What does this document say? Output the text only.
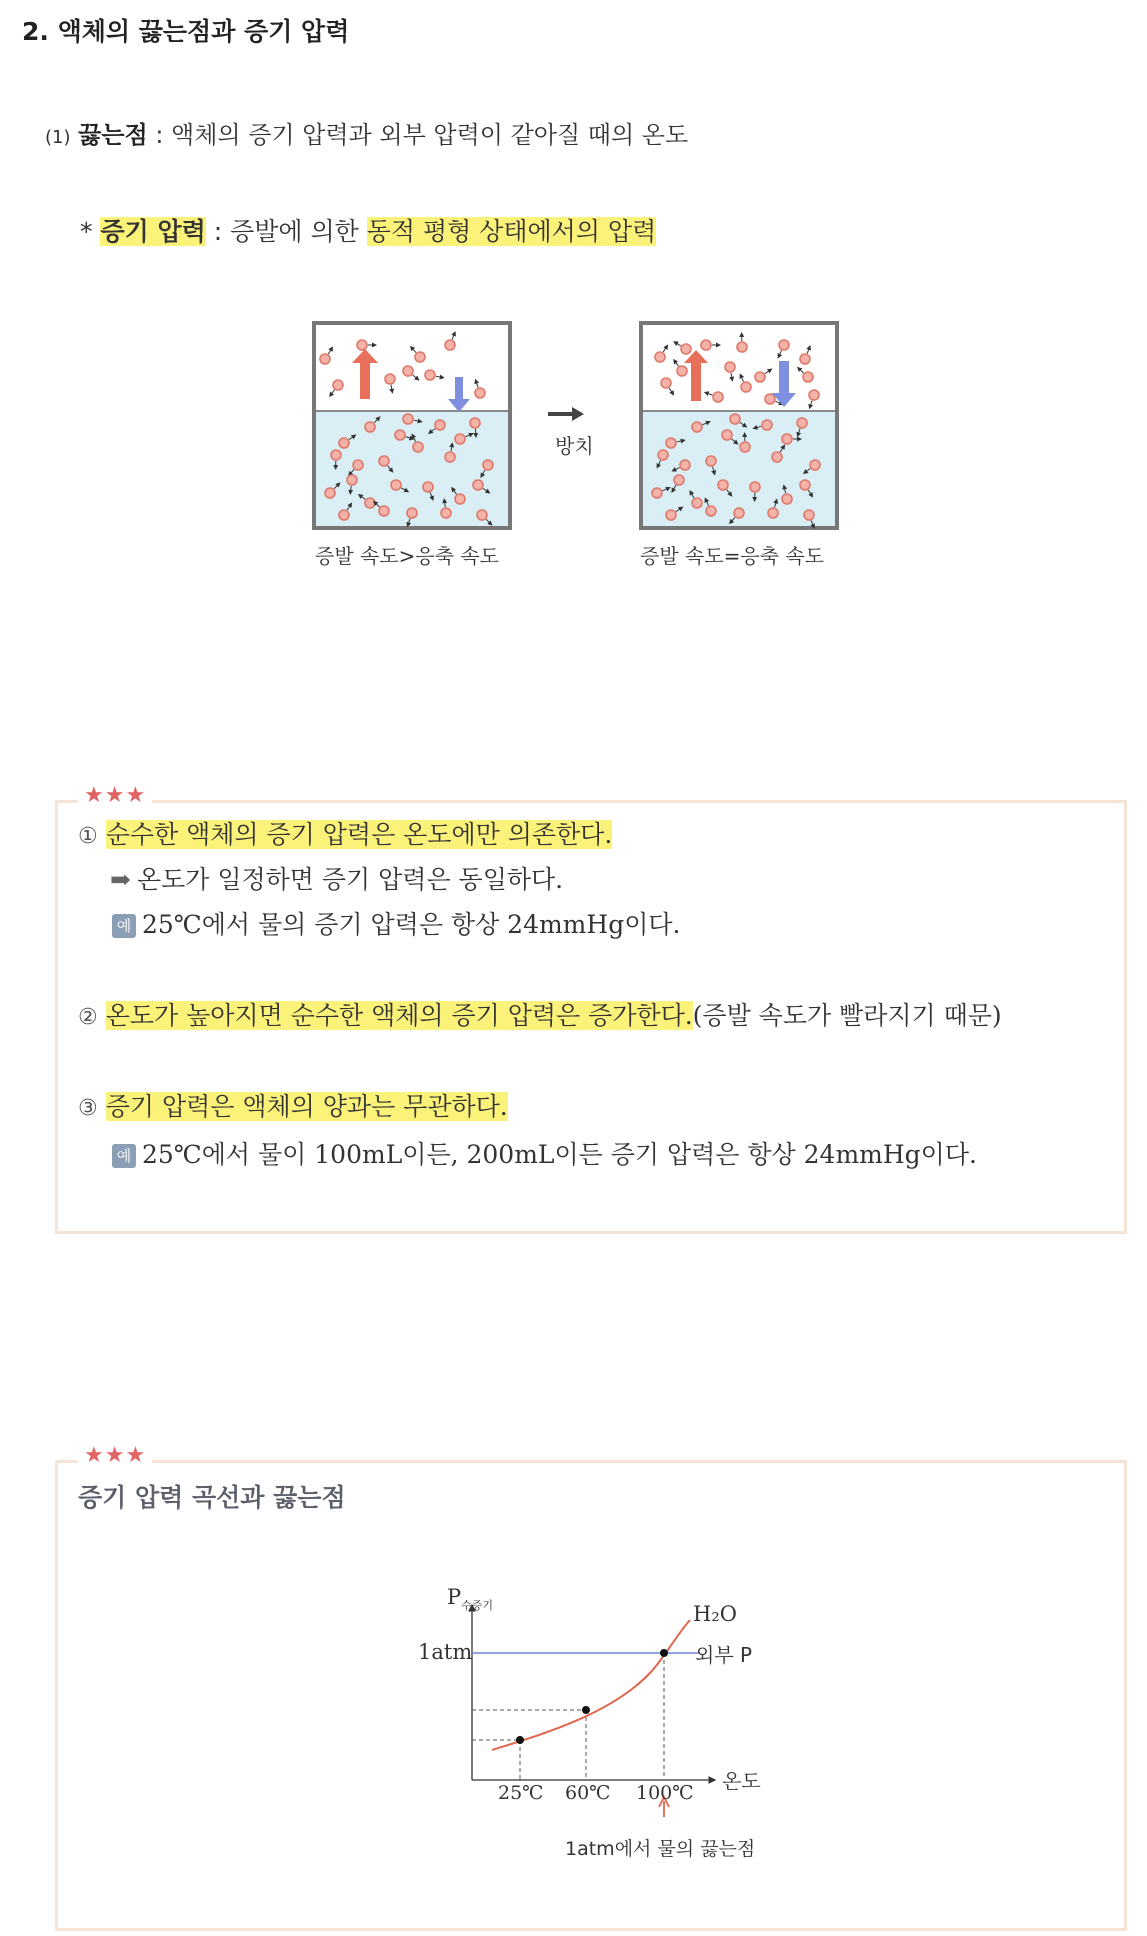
2. 액체의 끓는점과 증기 압력
(1) 끓는점 : 액체의 증기 압력과 외부 압력이 같아질 때의 온도
* 증기 압력 : 증발에 의한 동적 평형 상태에서의 압력
방치
증발 속도>응축 속도	증발 속도=응축 속도
★★★
① 순수한 액체의 증기 압력은 온도에만 의존한다.
➡ 온도가 일정하면 증기 압력은 동일하다.
예 25℃에서 물의 증기 압력은 항상 24mmHg이다.
② 온도가 높아지면 순수한 액체의 증기 압력은 증가한다.(증발 속도가 빨라지기 때문)
③ 증기 압력은 액체의 양과는 무관하다.
예 25℃에서 물이 100mL이든, 200mL이든 증기 압력은 항상 24mmHg이다.
★★★
증기 압력 곡선과 끓는점
$P_{수증기}$
1atm
H₂O
외부 P
온도
25℃ 60℃ 100℃
1atm에서 물의 끓는점
